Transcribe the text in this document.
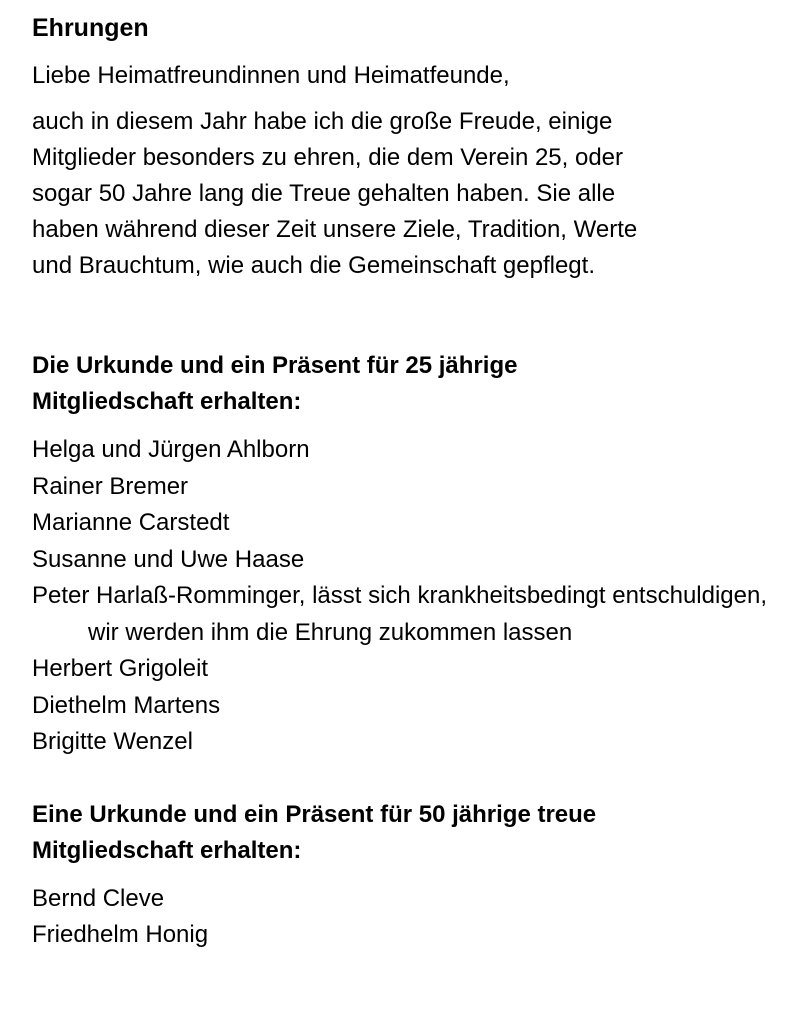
Ehrungen

Liebe Heimatfreundinnen und Heimatfeunde,

auch in diesem Jahr habe ich die große Freude, einige
Mitglieder besonders zu ehren, die dem Verein 25, oder
sogar 50 Jahre lang die Treue gehalten haben. Sie alle
haben während dieser Zeit unsere Ziele, Tradition, Werte
und Brauchtum, wie auch die Gemeinschaft gepflegt.

Die Urkunde und ein Präsent für 25 jährige
Mitgliedschaft erhalten:
Helga und Jürgen Ahlborn
Rainer Bremer
Marianne Carstedt
Susanne und Uwe Haase
Peter Harlaß-Romminger, lässt sich krankheitsbedingt entschuldigen, wir werden ihm die Ehrung zukommen lassen
Herbert Grigoleit
Diethelm Martens
Brigitte Wenzel
Eine Urkunde und ein Präsent für 50 jährige treue
Mitgliedschaft erhalten:
Bernd Cleve
Friedhelm Honig
